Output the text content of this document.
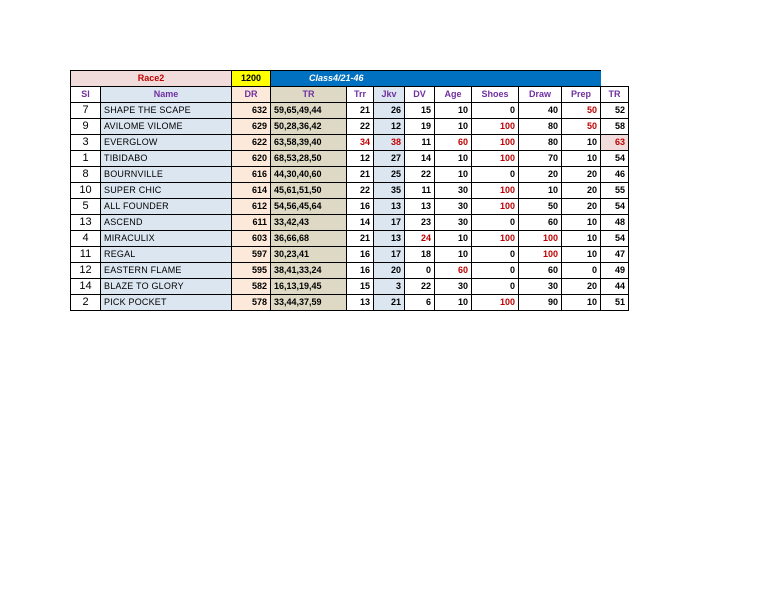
Race2		1200	Class4/21-46								
Sl	Name	DR	TR	Trr	Jkv	DV	Age	Shoes	Draw	Prep	TR
7	SHAPE THE SCAPE	632	59,65,49,44	21	26	15	10	0	40	50	52
9	AVILOME VILOME	629	50,28,36,42	22	12	19	10	100	80	50	58
3	EVERGLOW	622	63,58,39,40	34	38	11	60	100	80	10	63
1	TIBIDABO	620	68,53,28,50	12	27	14	10	100	70	10	54
8	BOURNVILLE	616	44,30,40,60	21	25	22	10	0	20	20	46
10	SUPER CHIC	614	45,61,51,50	22	35	11	30	100	10	20	55
5	ALL FOUNDER	612	54,56,45,64	16	13	13	30	100	50	20	54
13	ASCEND	611	33,42,43	14	17	23	30	0	60	10	48
4	MIRACULIX	603	36,66,68	21	13	24	10	100	100	10	54
11	REGAL	597	30,23,41	16	17	18	10	0	100	10	47
12	EASTERN FLAME	595	38,41,33,24	16	20	0	60	0	60	0	49
14	BLAZE TO GLORY	582	16,13,19,45	15	3	22	30	0	30	20	44
2	PICK POCKET	578	33,44,37,59	13	21	6	10	100	90	10	51
